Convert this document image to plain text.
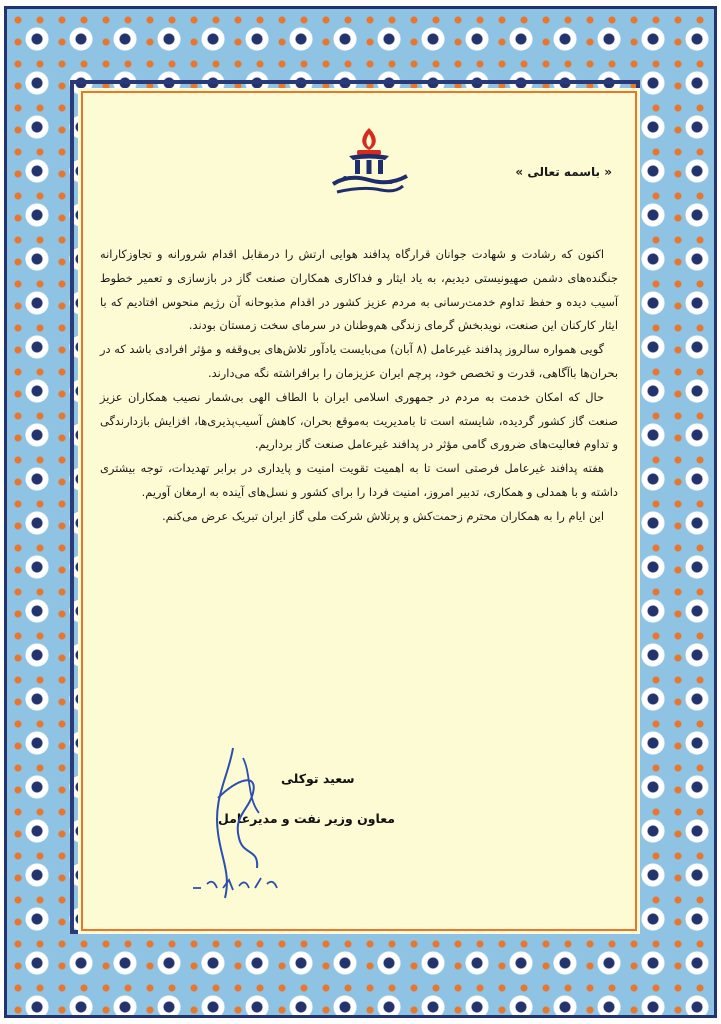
« باسمه تعالی »

اکنون که رشادت و شهادت جوانان قرارگاه پدافند هوایی ارتش را درمقابل اقدام شرورانه و تجاوزکارانه جنگنده‌های دشمن صهیونیستی دیدیم، به یاد ایثار و فداکاری همکاران صنعت گاز در بازسازی و تعمیر خطوط آسیب دیده و حفظ تداوم خدمت‌رسانی به مردم عزیز کشور در اقدام مذبوحانه آن رژیم منحوس افتادیم که با ایثار کارکنان این صنعت، نویدبخش گرمای زندگی هم‌وطنان در سرمای سخت زمستان بودند.

گویی همواره سالروز پدافند غیرعامل (۸ آبان) می‌بایست یادآور تلاش‌های بی‌وقفه و مؤثر افرادی باشد که در بحران‌ها باآگاهی، قدرت و تخصص خود، پرچم ایران عزیزمان را برافراشته نگه می‌دارند.

حال که امکان خدمت به مردم در جمهوری اسلامی ایران با الطاف الهی بی‌شمار نصیب همکاران عزیز صنعت گاز کشور گردیده، شایسته است تا بامدیریت به‌موقع بحران، کاهش آسیب‌پذیری‌ها، افزایش بازدارندگی و تداوم فعالیت‌های ضروری گامی مؤثر در پدافند غیرعامل صنعت گاز برداریم.

هفته پدافند غیرعامل فرصتی است تا به اهمیت تقویت امنیت و پایداری در برابر تهدیدات، توجه بیشتری داشته و با همدلی و همکاری، تدبیر امروز، امنیت فردا را برای کشور و نسل‌های آینده به ارمغان آوریم.

این ایام را به همکاران محترم زحمت‌کش و پرتلاش شرکت ملی گاز ایران تبریک عرض می‌کنم.

سعید توکلی
معاون وزیر نفت و مدیرعامل
